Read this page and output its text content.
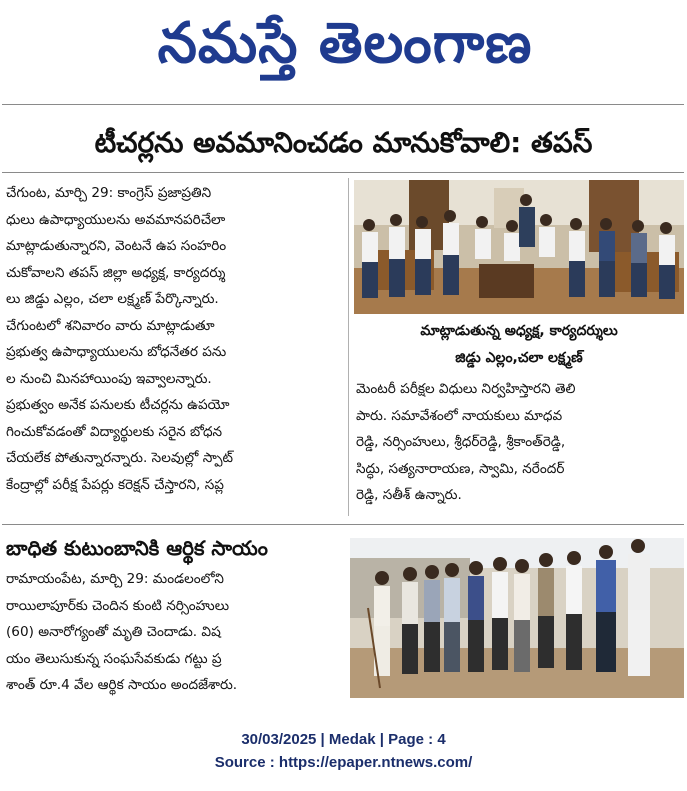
నమస్తే తెలంగాణ
టీచర్లను అవమానించడం మానుకోవాలి: తపస్
చేగుంట, మార్చి 29: కాంగ్రెస్ ప్రజాప్రతిని
ధులు ఉపాధ్యాయులను అవమానపరిచేలా
మాట్లాడుతున్నారని, వెంటనే ఉప సంహరిం
చుకోవాలని తపస్ జిల్లా అధ్యక్ష, కార్యదర్శు
లు జిడ్డు ఎల్లం, చలా లక్ష్మణ్ పేర్కొన్నారు.
చేగుంటలో శనివారం వారు మాట్లాడుతూ
ప్రభుత్వ ఉపాధ్యాయులను బోధనేతర పను
ల నుంచి మినహాయింపు ఇవ్వాలన్నారు.
ప్రభుత్వం అనేక పనులకు టీచర్లను ఉపయో
గించుకోవడంతో విద్యార్థులకు సరైన బోధన
చేయలేక పోతున్నారన్నారు. సెలవుల్లో స్పాట్
కేంద్రాల్లో పరీక్ష పేపర్లు కరెక్షన్ చేస్తారని, సప్ల
మాట్లాడుతున్న అధ్యక్ష, కార్యదర్శులు
జిడ్డు ఎల్లం,చలా లక్ష్మణ్
మెంటరీ పరీక్షల విధులు నిర్వహిస్తారని తెలి
పారు. సమావేశంలో నాయకులు మాధవ
రెడ్డి, నర్సింహులు, శ్రీధర్‌రెడ్డి, శ్రీకాంత్‌రెడ్డి,
సిద్ధు, సత్యనారాయణ, స్వామి, నరేందర్
రెడ్డి, సతీశ్ ఉన్నారు.
బాధిత కుటుంబానికి ఆర్థిక సాయం
రామాయంపేట, మార్చి 29: మండలంలోని
రాయిలాపూర్‌కు చెందిన కుంటి నర్సింహులు
(60) అనారోగ్యంతో మృతి చెందాడు. విష
యం తెలుసుకున్న సంఘసేవకుడు గట్టు ప్ర
శాంత్ రూ.4 వేల ఆర్థిక సాయం అందజేశారు.
30/03/2025 | Medak | Page : 4
Source : https://epaper.ntnews.com/
